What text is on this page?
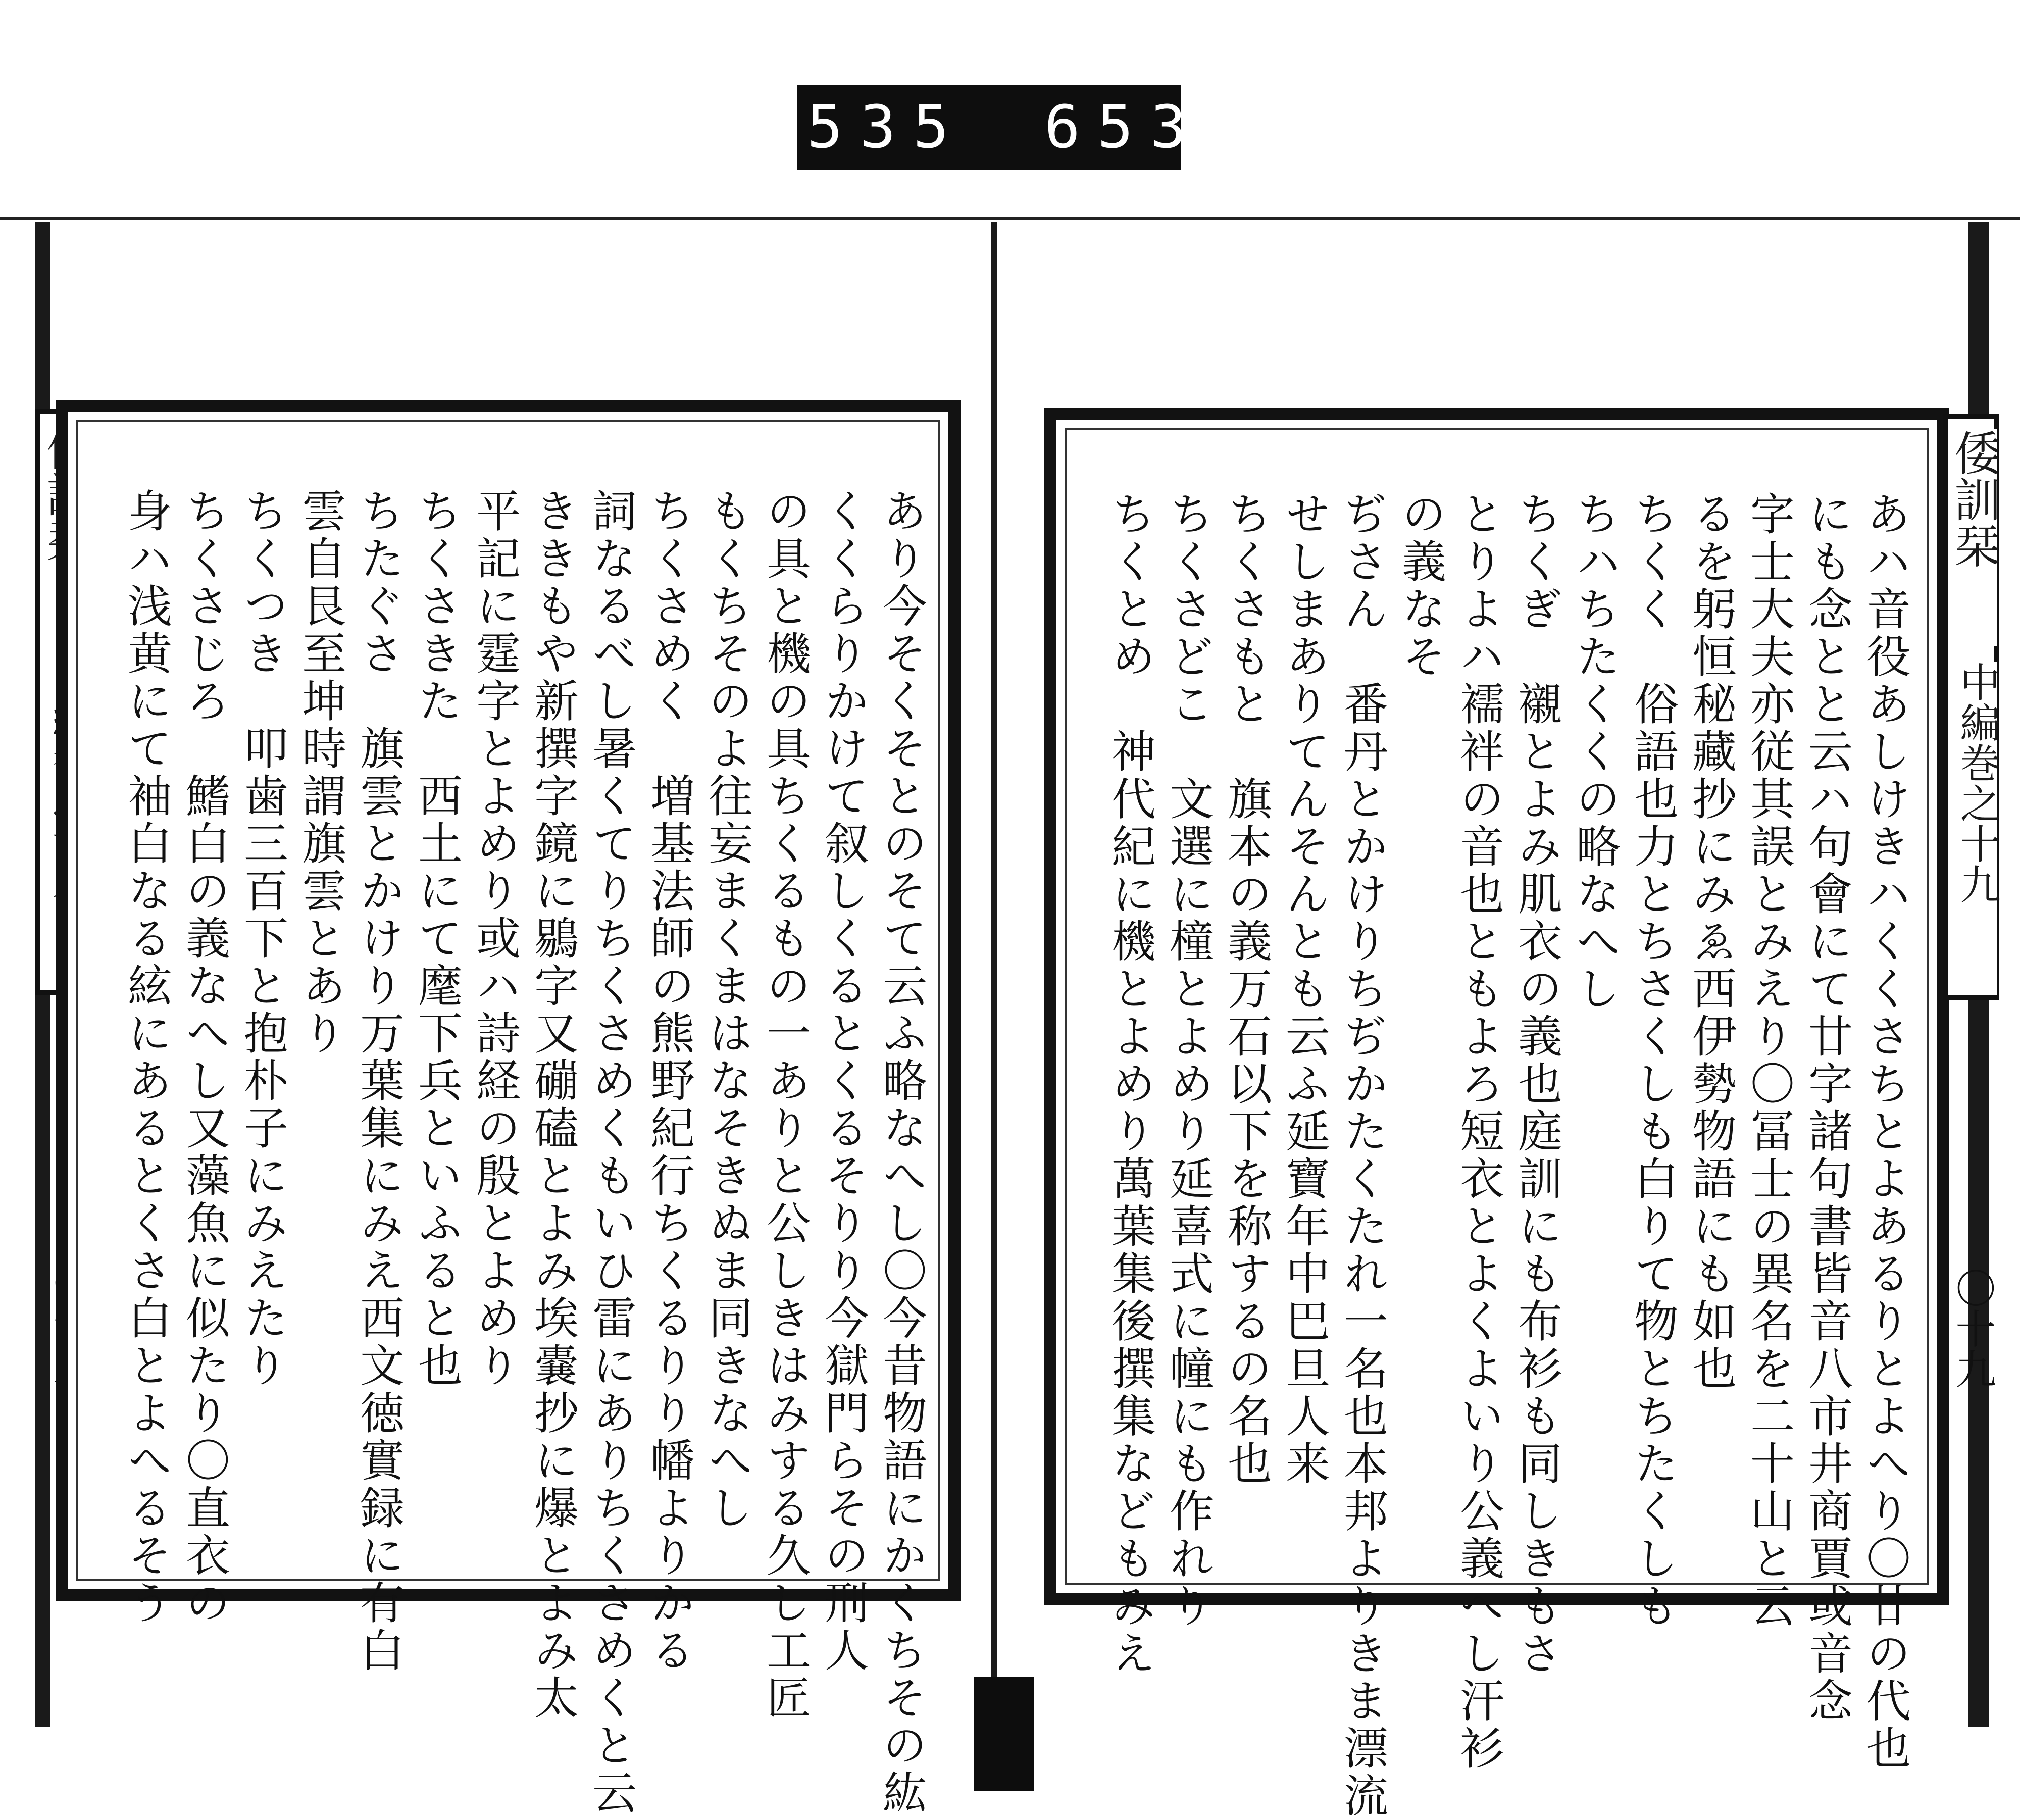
535 653.
あり今そくそとのそて云ふ略なへし〇今昔物語にかくちその紘
くくらりかけて叙しくるとくるそりり今獄門らその刑人
の具と機の具ちくるもの一ありと公しきはみする久し工匠
もくちそのよ往妄まくまはなそきぬま同きなへし
ちくさめく　増基法師の熊野紀行ちくるりり幡よりかる
詞なるべし暑くてりちくさめくもいひ雷にありちくさめくと云
ききもや新撰字鏡に鶍字又磞磕とよみ埃嚢抄に爆とよみ太
平記に霆字とよめり或ハ詩経の殷とよめり
ちくさきた　西土にて麾下兵といふると也
ちたぐさ　旗雲とかけり万葉集にみえ西文徳實録に有白
雲自艮至坤時謂旗雲とあり
ちくつき　叩歯三百下と抱朴子にみえたり
ちくさじろ　鰭白の義なへし又藻魚に似たり〇直衣の
身ハ浅黄にて袖白なる絃にあるとくさ白とよへるそう	あハ音役あしけきハくくさちとよあるりとよへり〇廿の代也
にも念とと云ハ句會にて廿字諸句書皆音八市井商賈或音念
字士大夫亦従其誤とみえり〇冨士の異名を二十山と云
るを躬恒秘藏抄にみゑ西伊勢物語にも如也
ちくく　俗語也力とちさくしも白りて物とちたくしも
ちハちたくくの略なへし
ちくぎ　襯とよみ肌衣の義也庭訓にも布衫も同しきもさ
とりよハ襦袢の音也ともよろ短衣とよくよいり公義へし汗衫
の義なそ
ぢさん　番丹とかけりちぢかたくたれ一名也本邦よりきま漂流
せしまありてんそんとも云ふ延寶年中巴旦人来
ちくさもと　旗本の義万石以下を称するの名也
ちくさどこ　文選に橦とよめり延喜式に幢にも作れり
ちくとめ　神代紀に機とよめり萬葉集後撰集などもみえ	倭訓栞
中編巻之十九
〇十九
